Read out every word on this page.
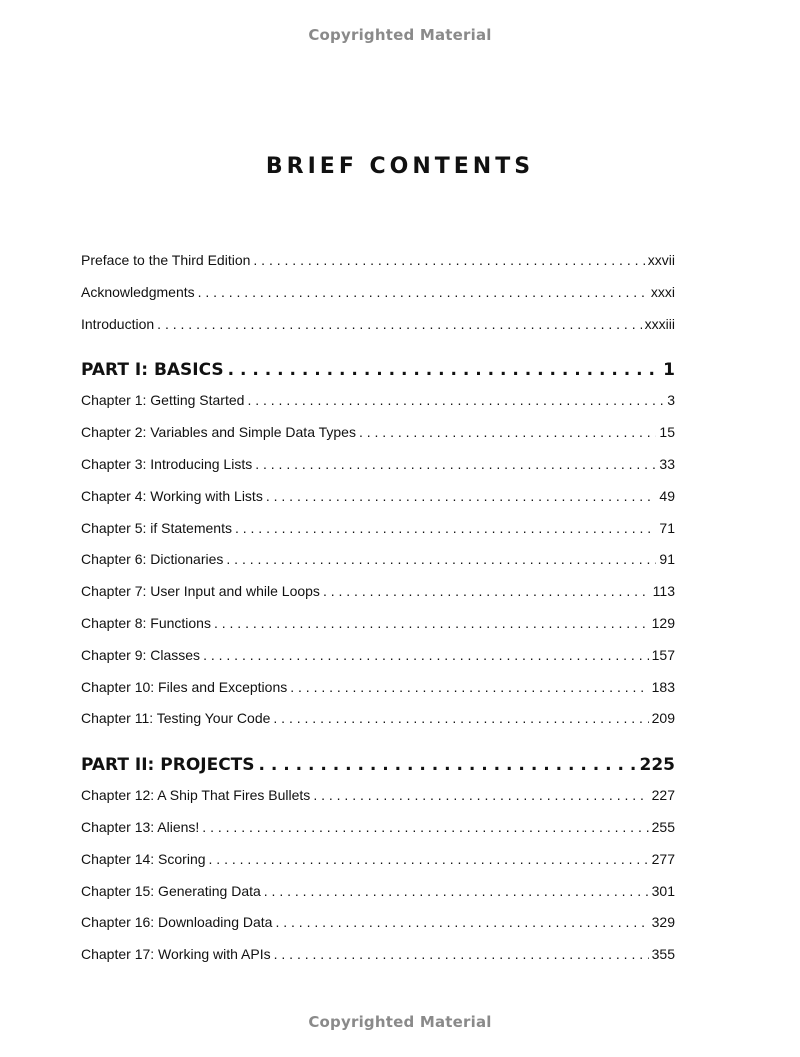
Copyrighted Material
BRIEF CONTENTS
Preface to the Third Edition . . .	xxvii
Acknowledgments . . .	xxxi
Introduction . . .	xxxiii
PART I: BASICS . . .	1
Chapter 1: Getting Started . . .	3
Chapter 2: Variables and Simple Data Types . . .	15
Chapter 3: Introducing Lists . . .	33
Chapter 4: Working with Lists . . .	49
Chapter 5: if Statements . . .	71
Chapter 6: Dictionaries . . .	91
Chapter 7: User Input and while Loops . . .	113
Chapter 8: Functions . . .	129
Chapter 9: Classes . . .	157
Chapter 10: Files and Exceptions . . .	183
Chapter 11: Testing Your Code . . .	209
PART II: PROJECTS . . .	225
Chapter 12: A Ship That Fires Bullets . . .	227
Chapter 13: Aliens! . . .	255
Chapter 14: Scoring . . .	277
Chapter 15: Generating Data . . .	301
Chapter 16: Downloading Data . . .	329
Chapter 17: Working with APIs . . .	355
Copyrighted Material
